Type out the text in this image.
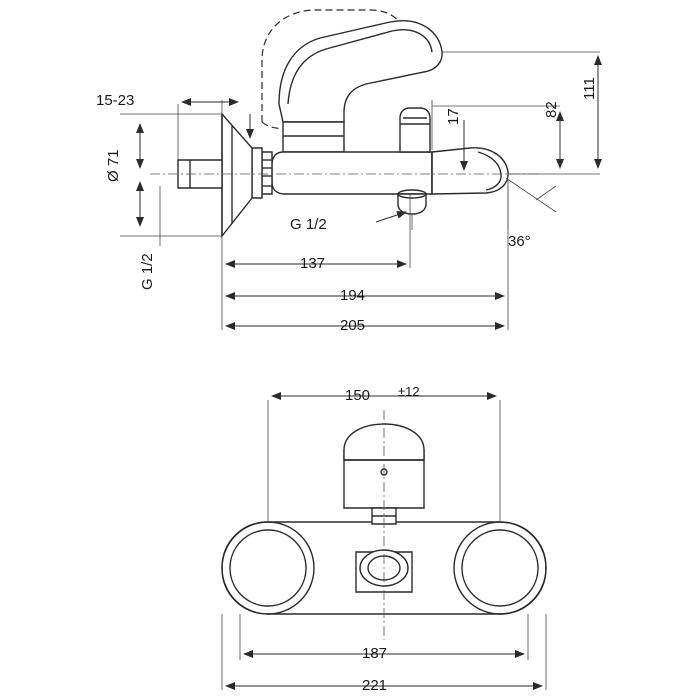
15-23
Ø 71
G 1/2
G 1/2
17	82
111
36°
137
194
205
150 ±12
187
221
